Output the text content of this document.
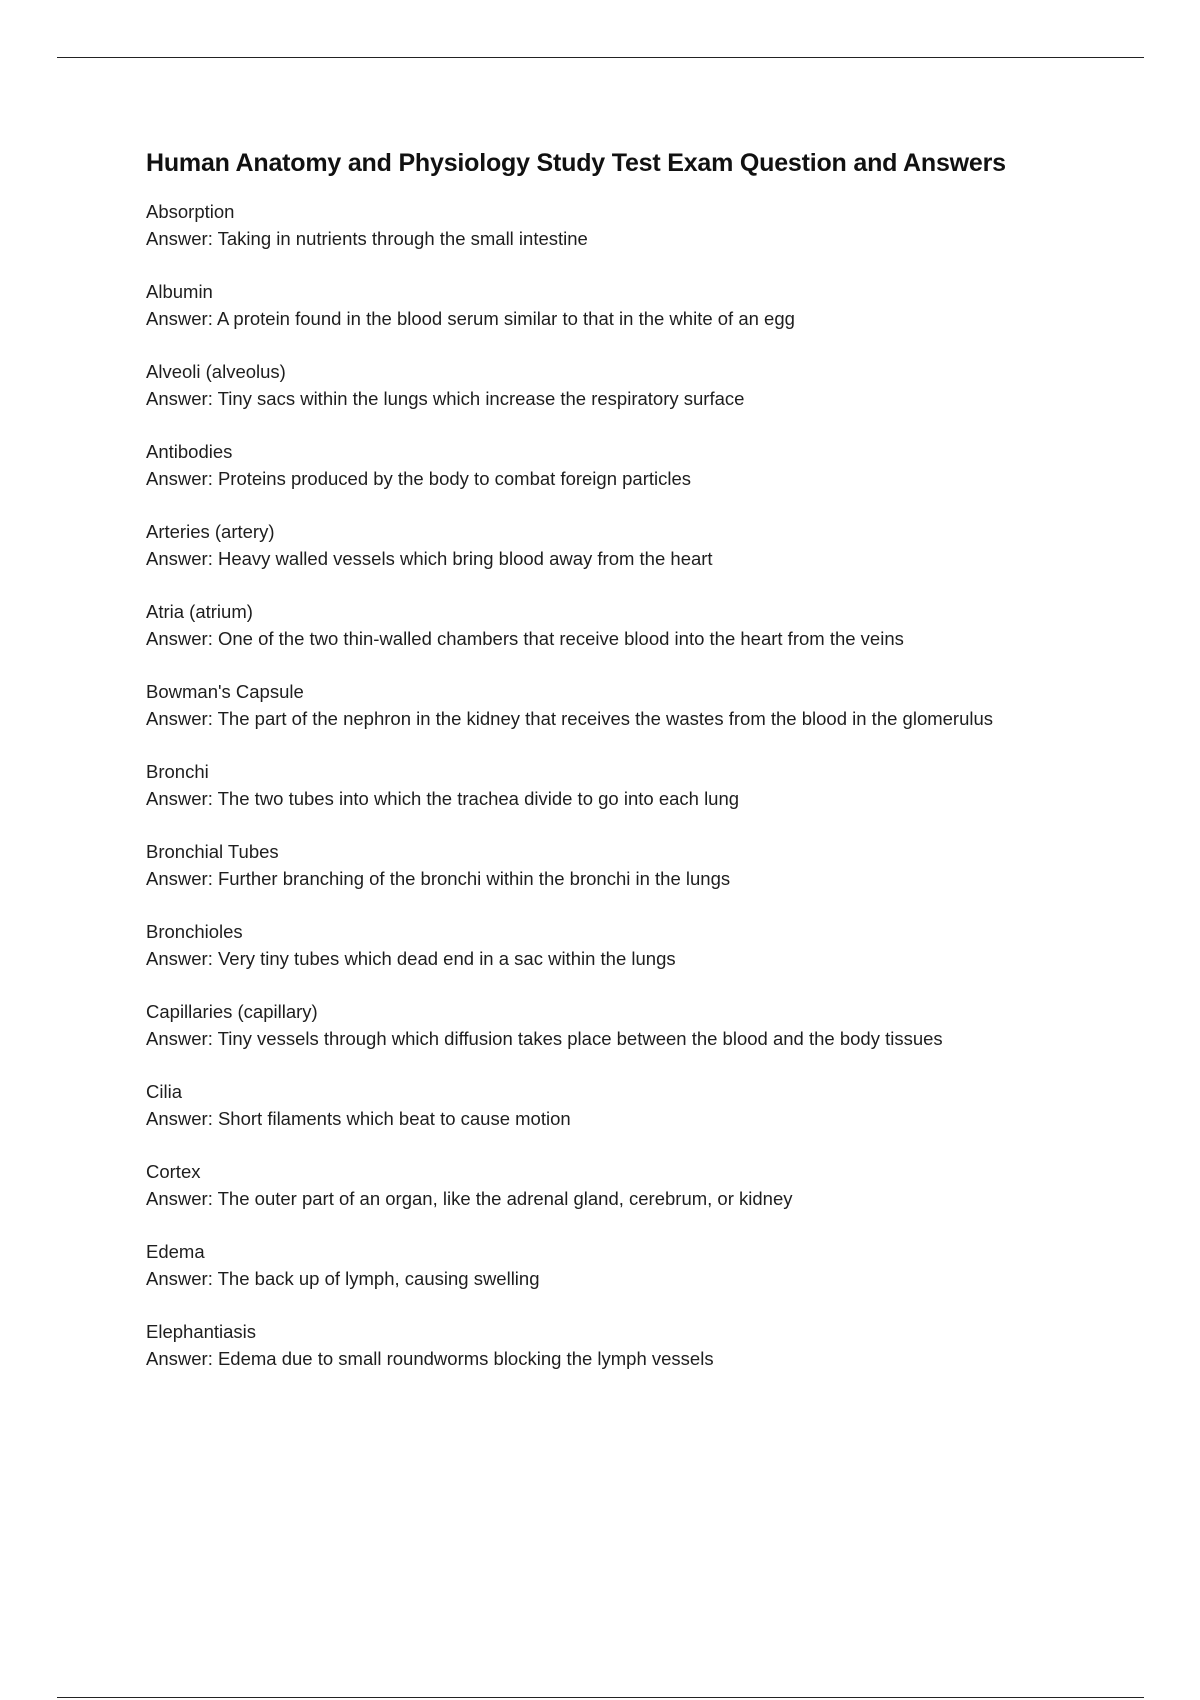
Human Anatomy and Physiology Study Test Exam Question and Answers

Absorption

Answer: Taking in nutrients through the small intestine

Albumin

Answer: A protein found in the blood serum similar to that in the white of an egg

Alveoli (alveolus)

Answer: Tiny sacs within the lungs which increase the respiratory surface

Antibodies

Answer: Proteins produced by the body to combat foreign particles

Arteries (artery)

Answer: Heavy walled vessels which bring blood away from the heart

Atria (atrium)

Answer: One of the two thin-walled chambers that receive blood into the heart from the veins

Bowman's Capsule

Answer: The part of the nephron in the kidney that receives the wastes from the blood in the glomerulus

Bronchi

Answer: The two tubes into which the trachea divide to go into each lung

Bronchial Tubes

Answer: Further branching of the bronchi within the bronchi in the lungs

Bronchioles

Answer: Very tiny tubes which dead end in a sac within the lungs

Capillaries (capillary)

Answer: Tiny vessels through which diffusion takes place between the blood and the body tissues

Cilia

Answer: Short filaments which beat to cause motion

Cortex

Answer: The outer part of an organ, like the adrenal gland, cerebrum, or kidney

Edema

Answer: The back up of lymph, causing swelling

Elephantiasis

Answer: Edema due to small roundworms blocking the lymph vessels
